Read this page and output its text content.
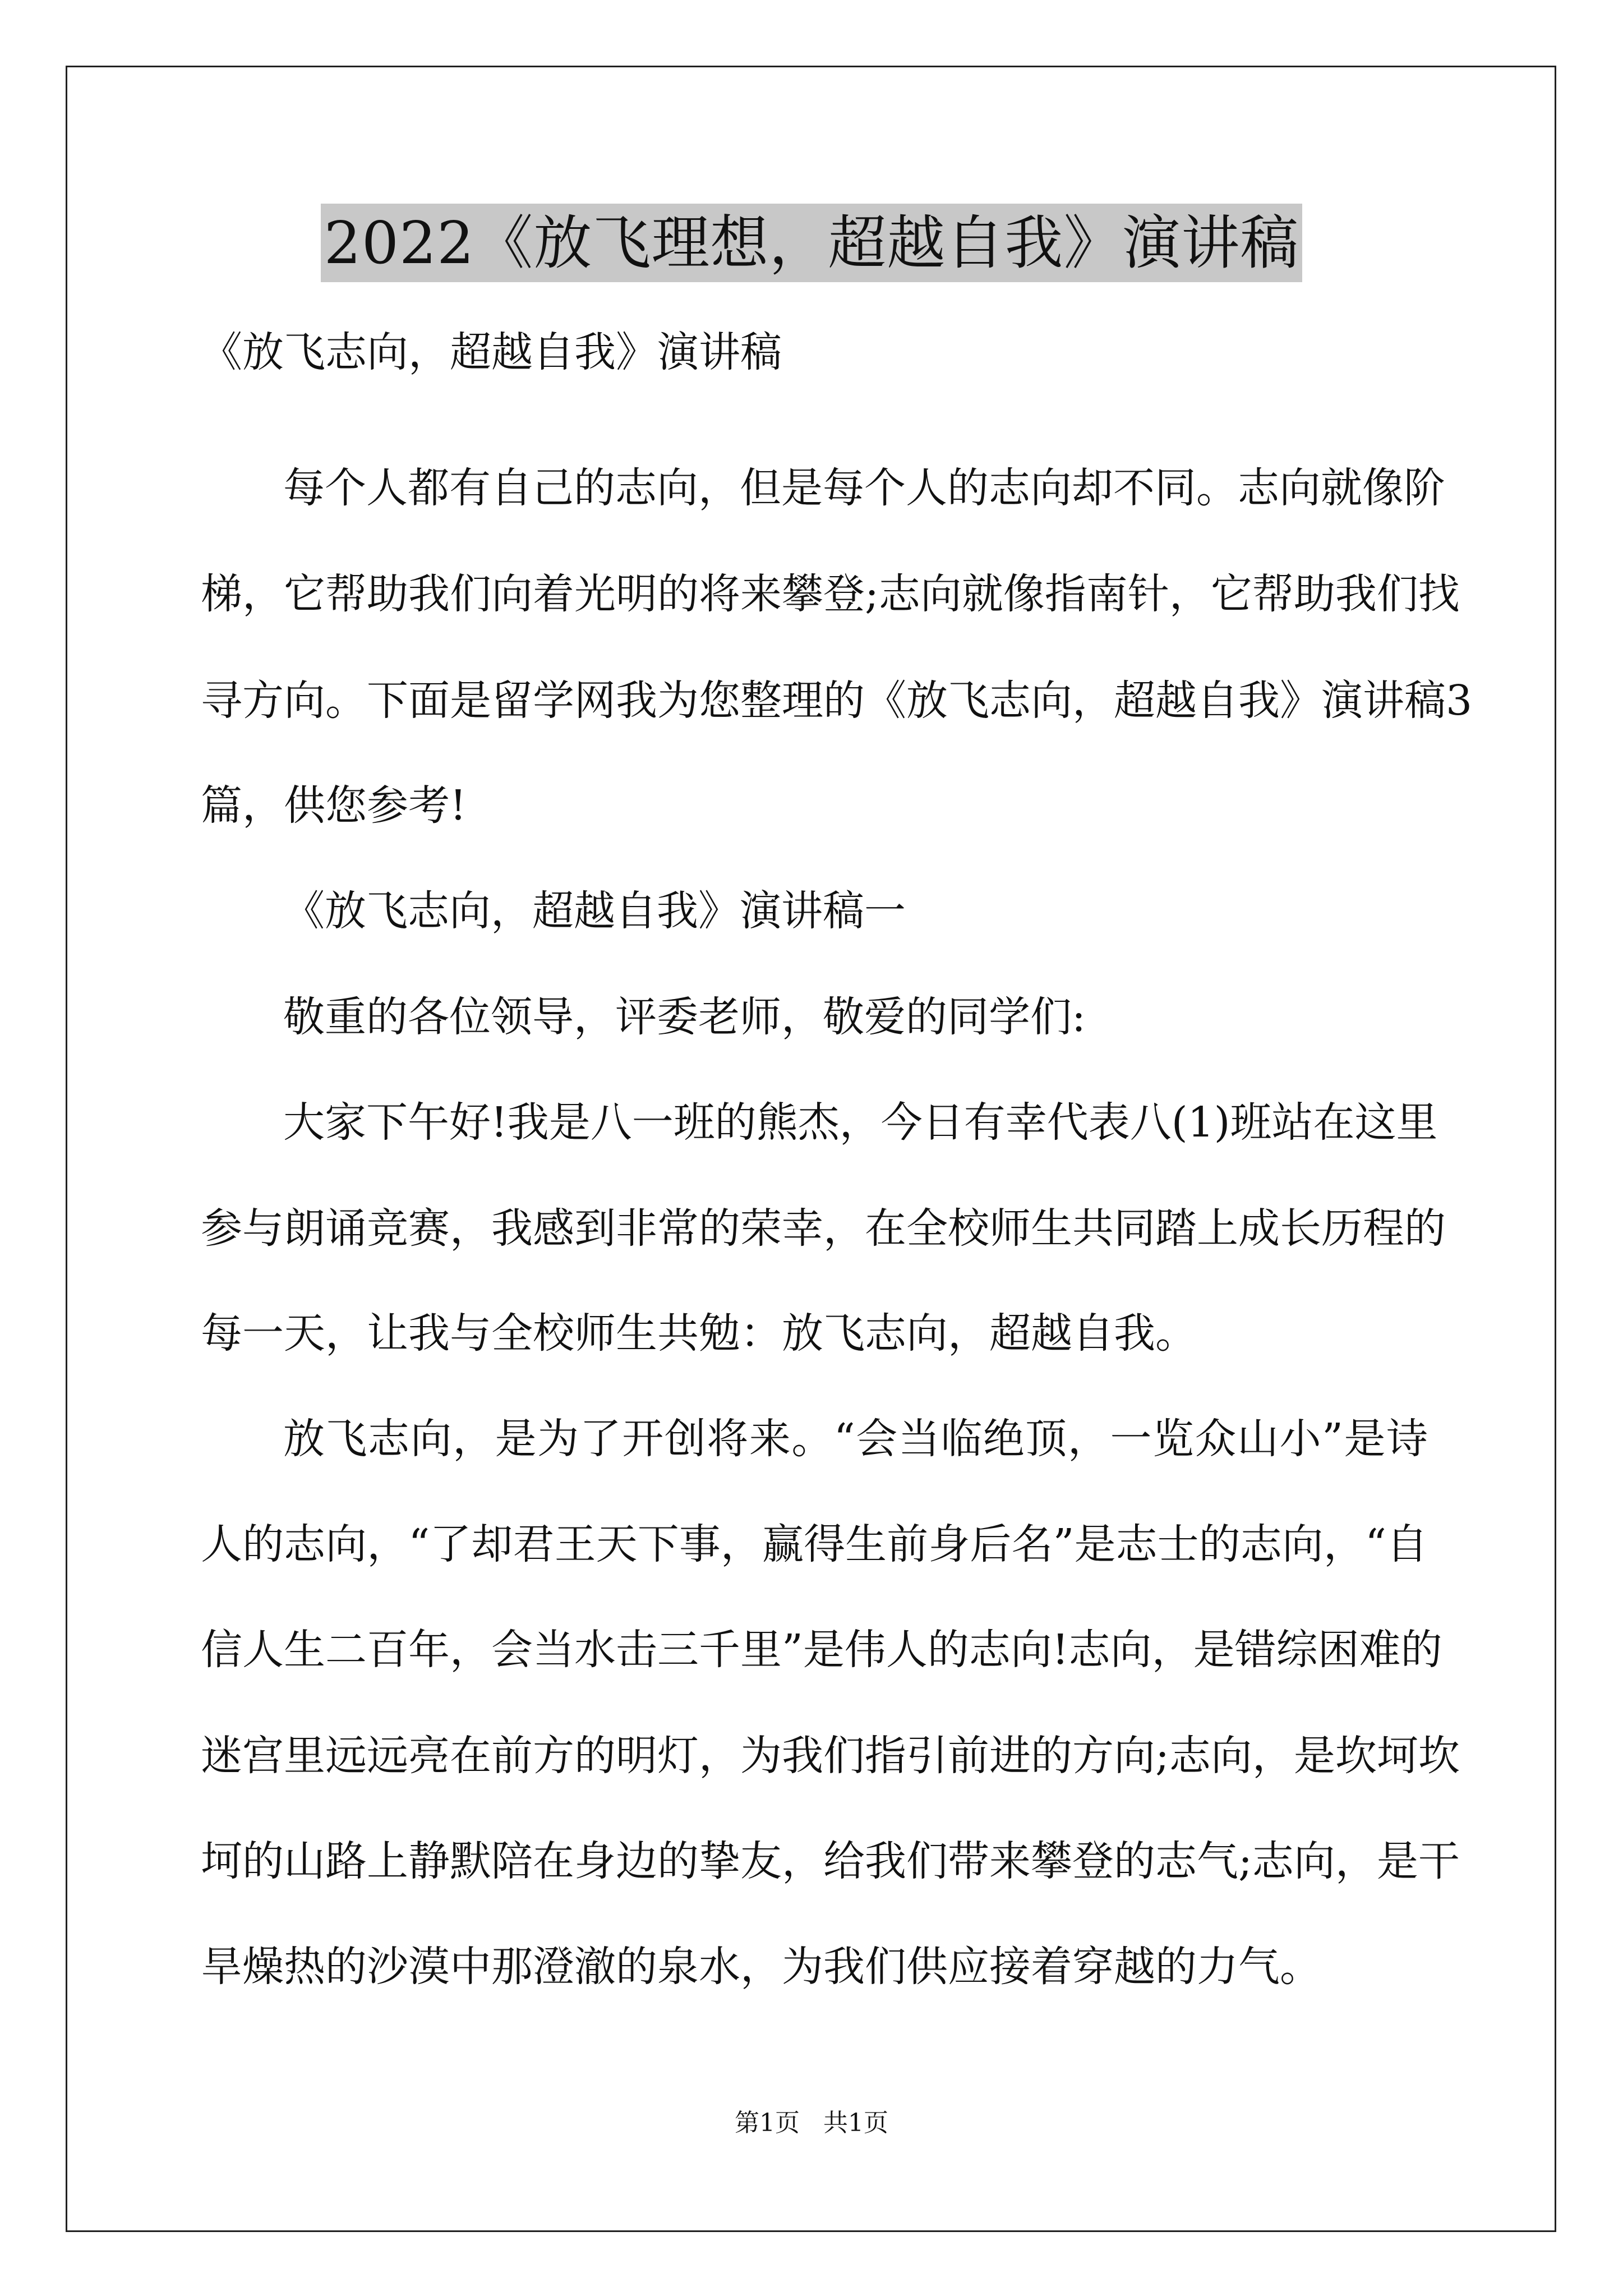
2022《放飞理想，超越自我》演讲稿
《放飞志向，超越自我》演讲稿
每个人都有自己的志向，但是每个人的志向却不同。志向就像阶
梯，它帮助我们向着光明的将来攀登;志向就像指南针，它帮助我们找
寻方向。下面是留学网我为您整理的《放飞志向，超越自我》演讲稿3
篇，供您参考!
《放飞志向，超越自我》演讲稿一
敬重的各位领导，评委老师，敬爱的同学们:
大家下午好!我是八一班的熊杰，今日有幸代表八(1)班站在这里
参与朗诵竞赛，我感到非常的荣幸，在全校师生共同踏上成长历程的
每一天，让我与全校师生共勉：放飞志向，超越自我。
放飞志向，是为了开创将来。“会当临绝顶，一览众山小”是诗
人的志向，“了却君王天下事，赢得生前身后名”是志士的志向，“自
信人生二百年，会当水击三千里”是伟人的志向!志向，是错综困难的
迷宫里远远亮在前方的明灯，为我们指引前进的方向;志向，是坎坷坎
坷的山路上静默陪在身边的挚友，给我们带来攀登的志气;志向，是干
旱燥热的沙漠中那澄澈的泉水，为我们供应接着穿越的力气。
第1页 共1页
